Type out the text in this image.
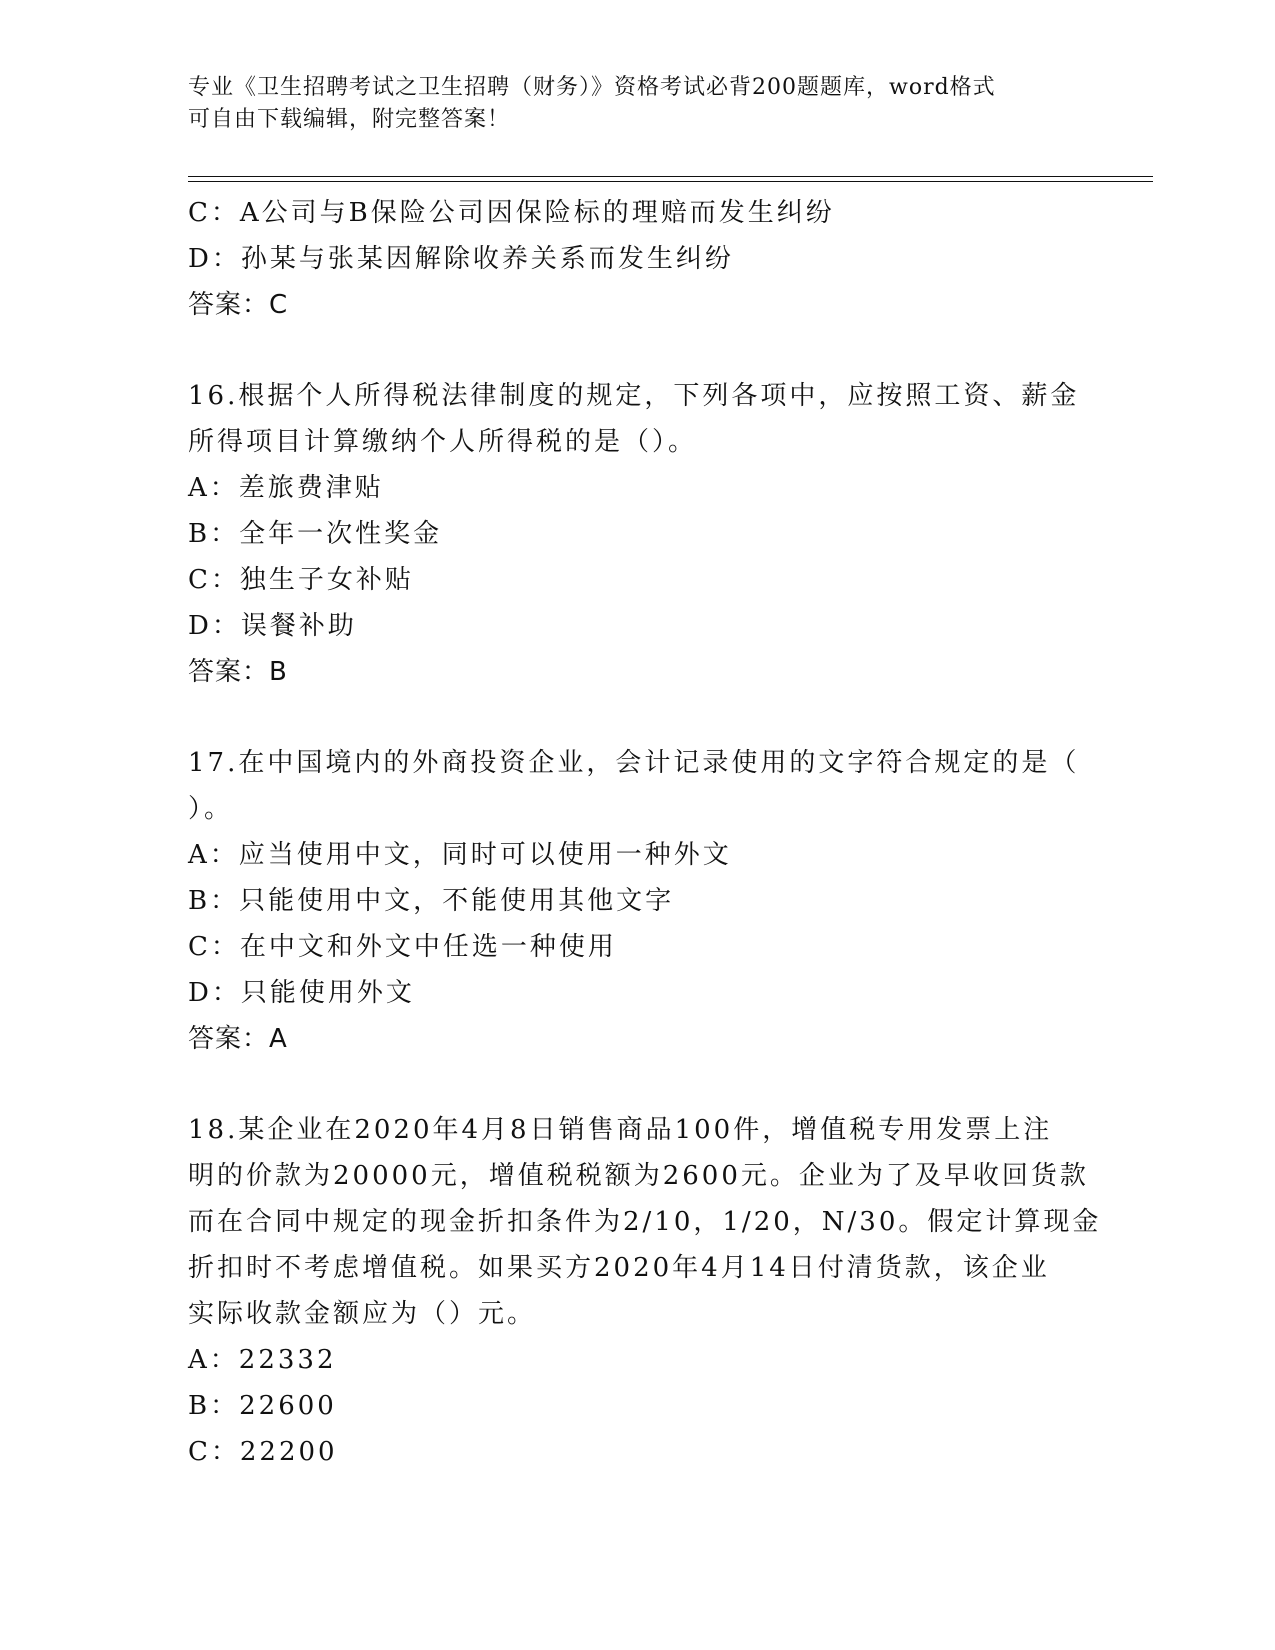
专业《卫生招聘考试之卫生招聘（财务）》资格考试必背200题题库，word格式
可自由下载编辑，附完整答案！
C：A公司与B保险公司因保险标的理赔而发生纠纷
D：孙某与张某因解除收养关系而发生纠纷
答案：C
16.根据个人所得税法律制度的规定，下列各项中，应按照工资、薪金
所得项目计算缴纳个人所得税的是（）。
A：差旅费津贴
B：全年一次性奖金
C：独生子女补贴
D：误餐补助
答案：B
17.在中国境内的外商投资企业，会计记录使用的文字符合规定的是（
）。
A：应当使用中文，同时可以使用一种外文
B：只能使用中文，不能使用其他文字
C：在中文和外文中任选一种使用
D：只能使用外文
答案：A
18.某企业在2020年4月8日销售商品100件，增值税专用发票上注
明的价款为20000元，增值税税额为2600元。企业为了及早收回货款
而在合同中规定的现金折扣条件为2/10，1/20，N/30。假定计算现金
折扣时不考虑增值税。如果买方2020年4月14日付清货款，该企业
实际收款金额应为（）元。
A：22332
B：22600
C：22200
